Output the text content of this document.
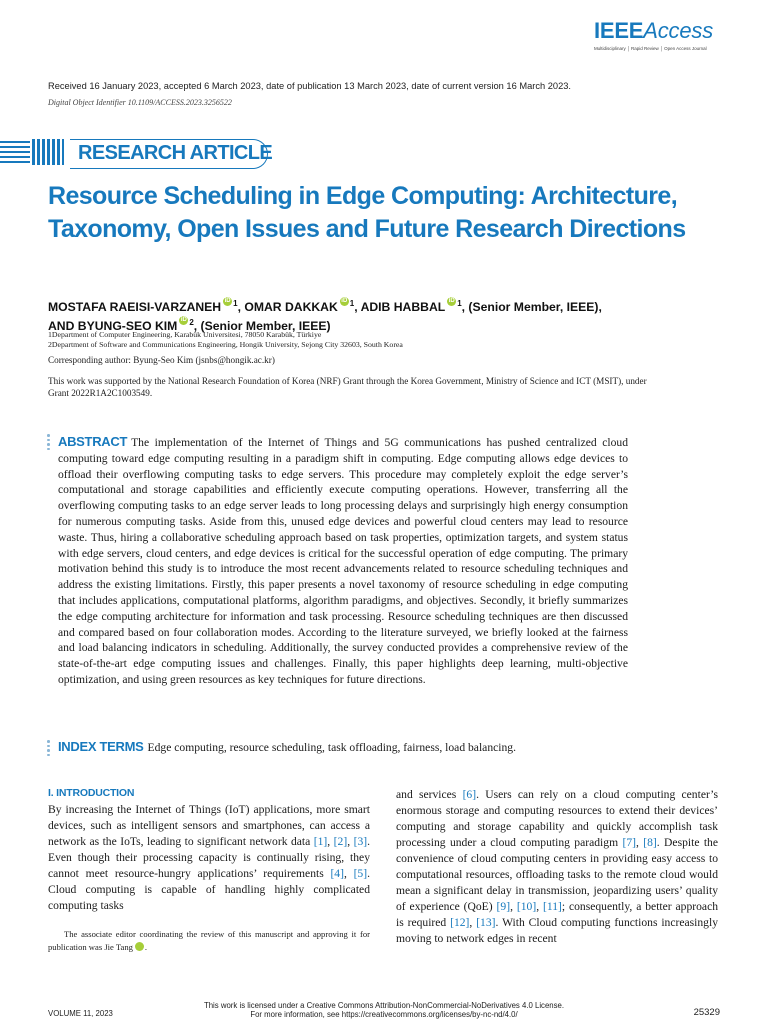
IEEEAccess
Multidisciplinary │ Rapid Review │ Open Access Journal
Received 16 January 2023, accepted 6 March 2023, date of publication 13 March 2023, date of current version 16 March 2023.
Digital Object Identifier 10.1109/ACCESS.2023.3256522
RESEARCH ARTICLE
Resource Scheduling in Edge Computing: Architecture, Taxonomy, Open Issues and Future Research Directions
MOSTAFA RAEISI-VARZANEH iD $^1$, OMAR DAKKAK iD $^1$, ADIB HABBAL iD $^1$, (Senior Member, IEEE),
AND BYUNG-SEO KIM iD $^2$, (Senior Member, IEEE)
1Department of Computer Engineering, Karabük Universitesi, 78050 Karabük, Türkiye
2Department of Software and Communications Engineering, Hongik University, Sejong City 32603, South Korea
Corresponding author: Byung-Seo Kim (jsnbs@hongik.ac.kr)
This work was supported by the National Research Foundation of Korea (NRF) Grant through the Korea Government, Ministry of Science and ICT (MSIT), under Grant 2022R1A2C1003549.
ABSTRACT The implementation of the Internet of Things and 5G communications has pushed centralized cloud computing toward edge computing resulting in a paradigm shift in computing. Edge computing allows edge devices to offload their overflowing computing tasks to edge servers. This procedure may completely exploit the edge server’s computational and storage capabilities and efficiently execute computing operations. However, transferring all the overflowing computing tasks to an edge server leads to long processing delays and surprisingly high energy consumption for numerous computing tasks. Aside from this, unused edge devices and powerful cloud centers may lead to resource waste. Thus, hiring a collaborative scheduling approach based on task properties, optimization targets, and system status with edge servers, cloud centers, and edge devices is critical for the successful operation of edge computing. The primary motivation behind this study is to introduce the most recent advancements related to resource scheduling techniques and address the existing limitations. Firstly, this paper presents a novel taxonomy of resource scheduling in edge computing that includes applications, computational platforms, algorithm paradigms, and objectives. Secondly, it briefly summarizes the edge computing architecture for information and task processing. Resource scheduling techniques are then discussed and compared based on four collaboration modes. According to the literature surveyed, we briefly looked at the fairness and load balancing indicators in scheduling. Additionally, the survey conducted provides a comprehensive review of the state-of-the-art edge computing issues and challenges. Finally, this paper highlights deep learning, multi-objective optimization, and using green resources as key techniques for future directions.
INDEX TERMS Edge computing, resource scheduling, task offloading, fairness, load balancing.
I. INTRODUCTION
By increasing the Internet of Things (IoT) applications, more smart devices, such as intelligent sensors and smartphones, can access a network as the IoTs, leading to significant network data [1], [2], [3]. Even though their processing capacity is continually rising, they cannot meet resource-hungry applications’ requirements [4], [5]. Cloud computing is capable of handling highly complicated computing tasks
and services [6]. Users can rely on a cloud computing center’s enormous storage and computing resources to extend their devices’ computing and storage capability and quickly accomplish task processing under a cloud computing paradigm [7], [8]. Despite the convenience of cloud computing centers in providing easy access to computational resources, offloading tasks to the remote cloud would mean a significant delay in transmission, jeopardizing users’ quality of experience (QoE) [9], [10], [11]; consequently, a better approach is required [12], [13]. With Cloud computing functions increasingly moving to network edges in recent
The associate editor coordinating the review of this manuscript and approving it for publication was Jie Tang	iD.
This work is licensed under a Creative Commons Attribution-NonCommercial-NoDerivatives 4.0 License.
For more information, see https://creativecommons.org/licenses/by-nc-nd/4.0/
VOLUME 11, 2023	25329
